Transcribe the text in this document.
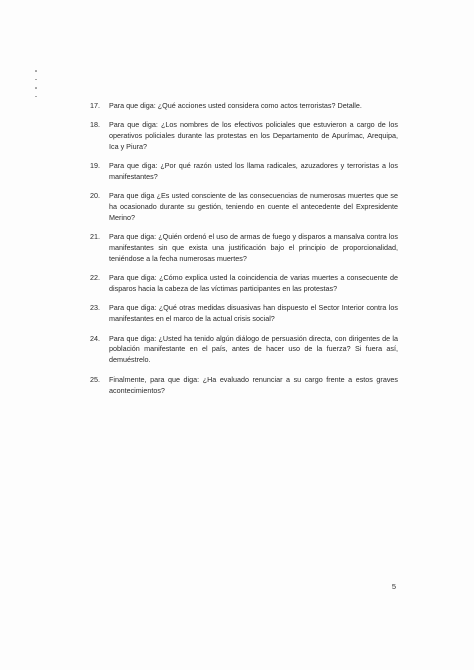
17. Para que diga: ¿Qué acciones usted considera como actos terroristas? Detalle.
18. Para que diga: ¿Los nombres de los efectivos policiales que estuvieron a cargo de los operativos policiales durante las protestas en los Departamento de Apurímac, Arequipa, Ica y Piura?
19. Para que diga: ¿Por qué razón usted los llama radicales, azuzadores y terroristas a los manifestantes?
20. Para que diga ¿Es usted consciente de las consecuencias de numerosas muertes que se ha ocasionado durante su gestión, teniendo en cuente el antecedente del Expresidente Merino?
21. Para que diga: ¿Quién ordenó el uso de armas de fuego y disparos a mansalva contra los manifestantes sin que exista una justificación bajo el principio de proporcionalidad, teniéndose a la fecha numerosas muertes?
22. Para que diga: ¿Cómo explica usted la coincidencia de varias muertes a consecuente de disparos hacia la cabeza de las víctimas participantes en las protestas?
23. Para que diga: ¿Qué otras medidas disuasivas han dispuesto el Sector Interior contra los manifestantes en el marco de la actual crisis social?
24. Para que diga: ¿Usted ha tenido algún diálogo de persuasión directa, con dirigentes de la población manifestante en el país, antes de hacer uso de la fuerza? Si fuera así, demuéstrelo.
25. Finalmente, para que diga: ¿Ha evaluado renunciar a su cargo frente a estos graves acontecimientos?
5
